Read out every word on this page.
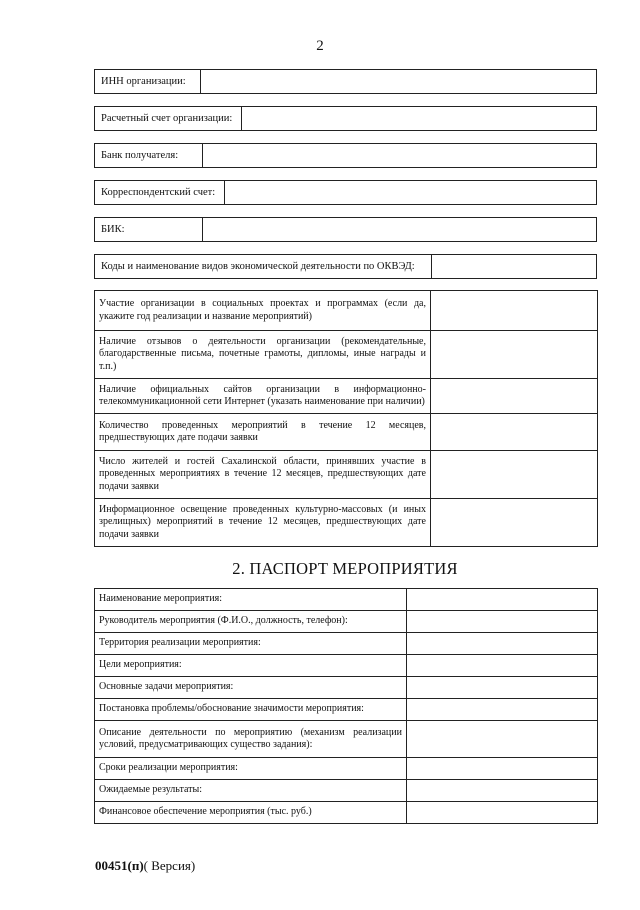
2
ИНН организации:
Расчетный счет организации:
Банк получателя:
Корреспондентский счет:
БИК:
Коды и наименование видов экономической деятельности по ОКВЭД:
Участие организации в социальных проектах и программах (если да, укажите год реализации и название мероприятий)	
Наличие отзывов о деятельности организации (рекомендательные, благодарственные письма, почетные грамоты, дипломы, иные награды и т.п.)	
Наличие официальных сайтов организации в информационно-телекоммуникационной сети Интернет (указать наименование при наличии)	
Количество проведенных мероприятий в течение 12 месяцев, предшествующих дате подачи заявки	
Число жителей и гостей Сахалинской области, принявших участие в проведенных мероприятиях в течение 12 месяцев, предшествующих дате подачи заявки	
Информационное освещение проведенных культурно-массовых (и иных зрелищных) мероприятий в течение 12 месяцев, предшествующих дате подачи заявки	
2. ПАСПОРТ МЕРОПРИЯТИЯ
Наименование мероприятия:	
Руководитель мероприятия (Ф.И.О., должность, телефон):	
Территория реализации мероприятия:	
Цели мероприятия:	
Основные задачи мероприятия:	
Постановка проблемы/обоснование значимости мероприятия:	
Описание деятельности по мероприятию (механизм реализации условий, предусматривающих существо задания):	
Сроки реализации мероприятия:	
Ожидаемые результаты:	
Финансовое обеспечение мероприятия (тыс. руб.)	
00451(п)( Версия)
